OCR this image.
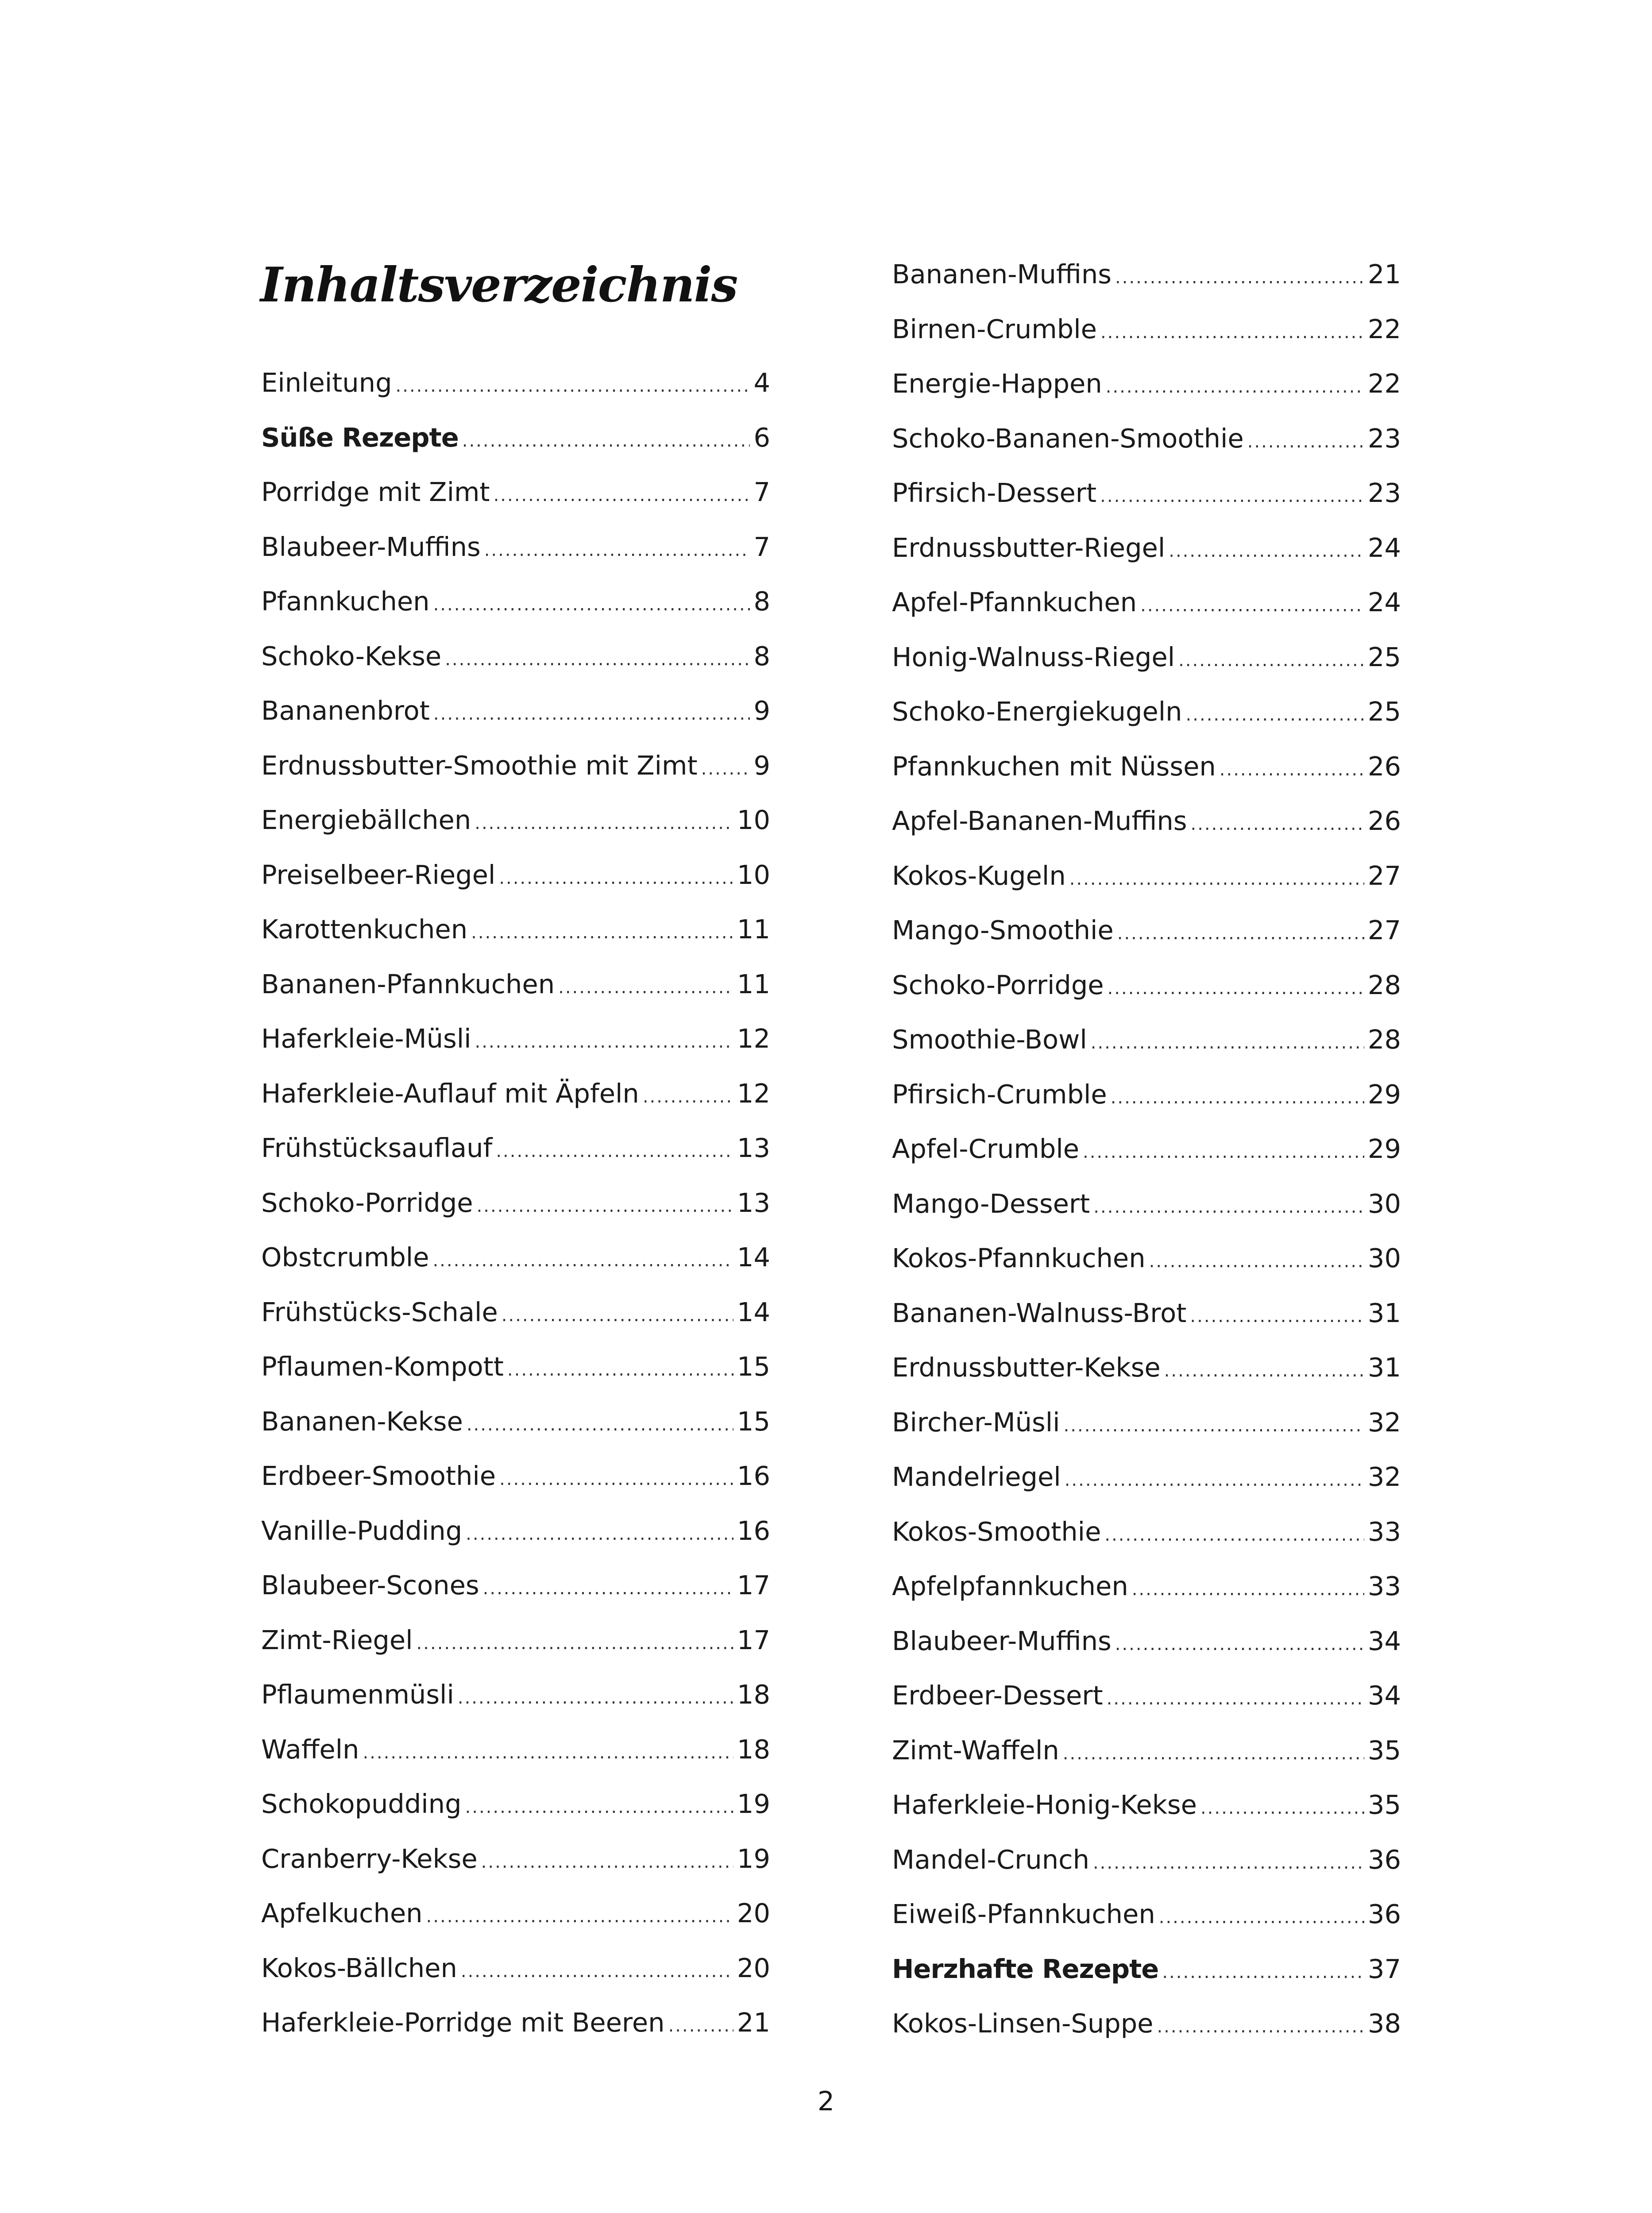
Inhaltsverzeichnis
Einleitung .....	4
Süße Rezepte .....	6
Porridge mit Zimt .....	7
Blaubeer-Muffins .....	7
Pfannkuchen .....	8
Schoko-Kekse .....	8
Bananenbrot .....	9
Erdnussbutter-Smoothie mit Zimt ..... 9
Energiebällchen .....	10
Preiselbeer-Riegel .....	10
Karottenkuchen .....	11
Bananen-Pfannkuchen .....	11
Haferkleie-Müsli .....	12
Haferkleie-Auflauf mit Äpfeln .....	12
Frühstücksauflauf .....	13
Schoko-Porridge .....	13
Obstcrumble .....	14
Frühstücks-Schale .....	14
Pflaumen-Kompott .....	15
Bananen-Kekse .....	15
Erdbeer-Smoothie .....	16
Vanille-Pudding .....	16
Blaubeer-Scones .....	17
Zimt-Riegel .....	17
Pflaumenmüsli .....	18
Waffeln .....	18
Schokopudding .....	19
Cranberry-Kekse .....	19
Apfelkuchen .....	20
Kokos-Bällchen .....	20
Haferkleie-Porridge mit Beeren .....	21
Bananen-Muffins .....	21
Birnen-Crumble .....	22
Energie-Happen .....	22
Schoko-Bananen-Smoothie .....	23
Pfirsich-Dessert .....	23
Erdnussbutter-Riegel .....	24
Apfel-Pfannkuchen .....	24
Honig-Walnuss-Riegel .....	25
Schoko-Energiekugeln .....	25
Pfannkuchen mit Nüssen .....	26
Apfel-Bananen-Muffins .....	26
Kokos-Kugeln .....	27
Mango-Smoothie .....	27
Schoko-Porridge .....	28
Smoothie-Bowl .....	28
Pfirsich-Crumble .....	29
Apfel-Crumble .....	29
Mango-Dessert .....	30
Kokos-Pfannkuchen .....	30
Bananen-Walnuss-Brot .....	31
Erdnussbutter-Kekse .....	31
Bircher-Müsli .....	32
Mandelriegel .....	32
Kokos-Smoothie .....	33
Apfelpfannkuchen .....	33
Blaubeer-Muffins .....	34
Erdbeer-Dessert .....	34
Zimt-Waffeln .....	35
Haferkleie-Honig-Kekse .....	35
Mandel-Crunch .....	36
Eiweiß-Pfannkuchen .....	36
Herzhafte Rezepte .....	37
Kokos-Linsen-Suppe .....	38
2
